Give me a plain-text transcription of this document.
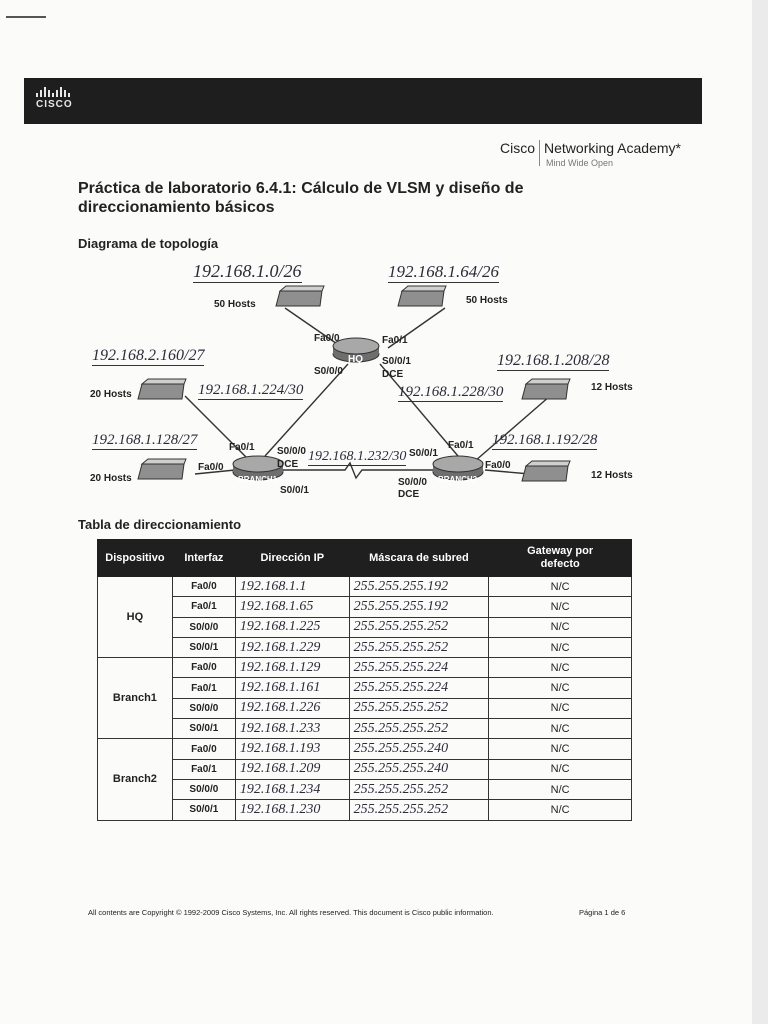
CISCO
Cisco Networking Academy*
Mind Wide Open
Práctica de laboratorio 6.4.1: Cálculo de VLSM y diseño de direccionamiento básicos
Diagrama de topología
HQ
BRANCH1	BRANCH2
50 Hosts	50 Hosts
20 Hosts
20 Hosts
12 Hosts
12 Hosts
Fa0/0	Fa0/1
S0/0/1
S0/0/0	DCE
Fa0/1
Fa0/0
S0/0/0
DCE
S0/0/1
Fa0/1
Fa0/0
S0/0/1
S0/0/0
DCE
192.168.1.0/26	192.168.1.64/26
192.168.2.160/27	192.168.1.208/28
192.168.1.224/30	192.168.1.228/30
192.168.1.128/27	192.168.1.192/28
192.168.1.232/30
Tabla de direccionamiento
Dispositivo	Interfaz	Dirección IP	Máscara de subred	Gateway por defecto
HQ	Fa0/0	192.168.1.1	255.255.255.192	N/C
	Fa0/1	192.168.1.65	255.255.255.192	N/C
	S0/0/0	192.168.1.225	255.255.255.252	N/C
	S0/0/1	192.168.1.229	255.255.255.252	N/C
Branch1	Fa0/0	192.168.1.129	255.255.255.224	N/C
	Fa0/1	192.168.1.161	255.255.255.224	N/C
	S0/0/0	192.168.1.226	255.255.255.252	N/C
	S0/0/1	192.168.1.233	255.255.255.252	N/C
Branch2	Fa0/0	192.168.1.193	255.255.255.240	N/C
	Fa0/1	192.168.1.209	255.255.255.240	N/C
	S0/0/0	192.168.1.234	255.255.255.252	N/C
	S0/0/1	192.168.1.230	255.255.255.252	N/C
All contents are Copyright © 1992-2009 Cisco Systems, Inc. All rights reserved. This document is Cisco public information.	Página 1 de 6
